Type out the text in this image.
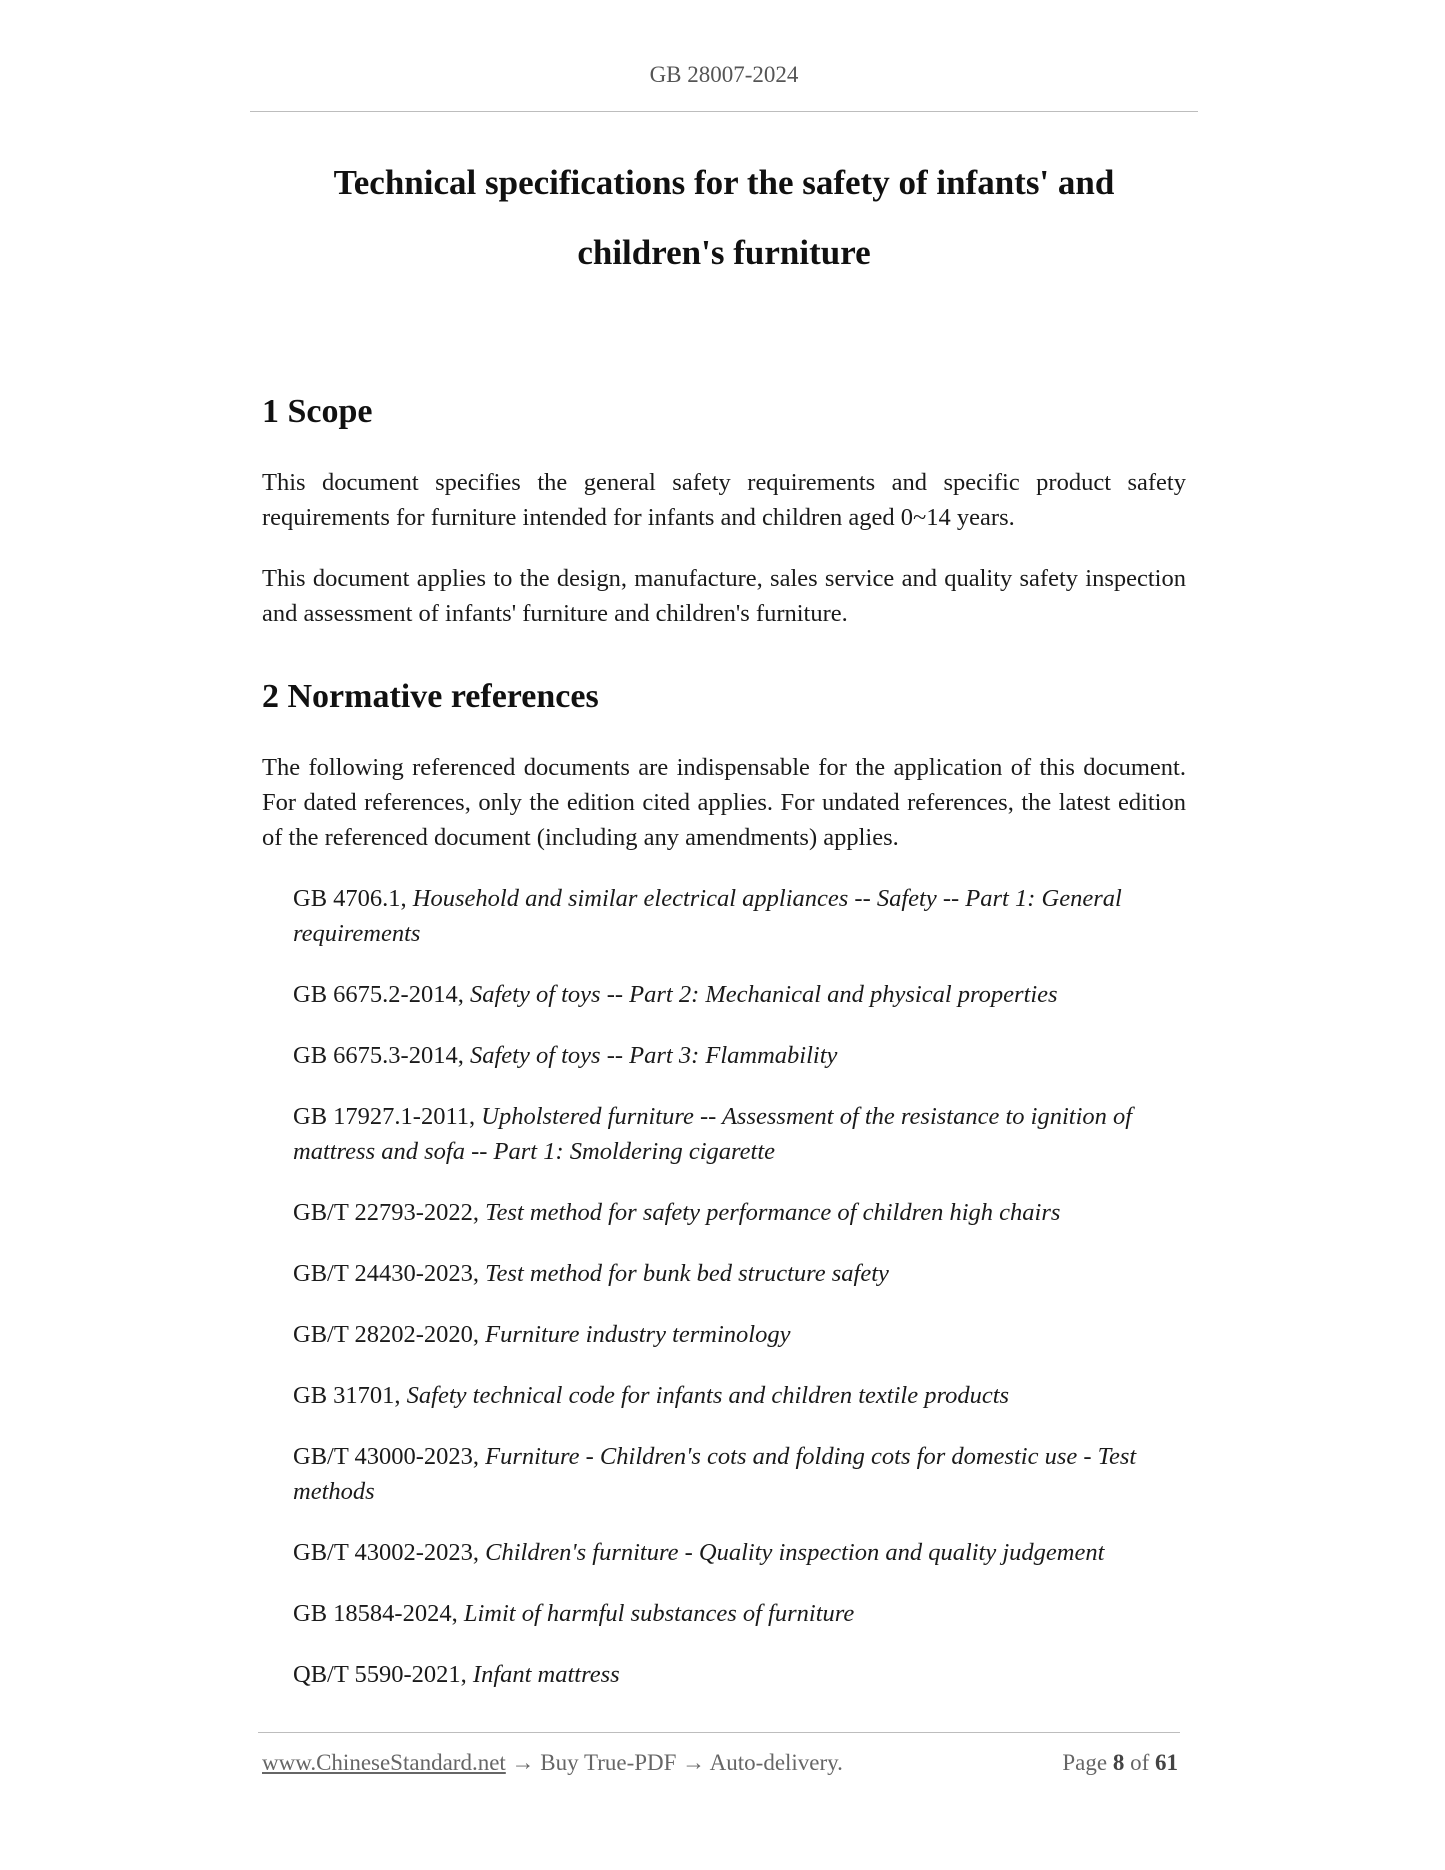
GB 28007-2024
Technical specifications for the safety of infants' and
children's furniture
1 Scope

This document specifies the general safety requirements and specific product safety requirements for furniture intended for infants and children aged 0~14 years.

This document applies to the design, manufacture, sales service and quality safety inspection and assessment of infants' furniture and children's furniture.

2 Normative references

The following referenced documents are indispensable for the application of this document. For dated references, only the edition cited applies. For undated references, the latest edition of the referenced document (including any amendments) applies.

GB 4706.1, Household and similar electrical appliances -- Safety -- Part 1: General requirements
GB 6675.2-2014, Safety of toys -- Part 2: Mechanical and physical properties
GB 6675.3-2014, Safety of toys -- Part 3: Flammability
GB 17927.1-2011, Upholstered furniture -- Assessment of the resistance to ignition of mattress and sofa -- Part 1: Smoldering cigarette
GB/T 22793-2022, Test method for safety performance of children high chairs
GB/T 24430-2023, Test method for bunk bed structure safety
GB/T 28202-2020, Furniture industry terminology
GB 31701, Safety technical code for infants and children textile products
GB/T 43000-2023, Furniture - Children's cots and folding cots for domestic use - Test methods
GB/T 43002-2023, Children's furniture - Quality inspection and quality judgement
GB 18584-2024, Limit of harmful substances of furniture
QB/T 5590-2021, Infant mattress
www.ChineseStandard.net → Buy True-PDF → Auto-delivery.	Page 8 of 61
